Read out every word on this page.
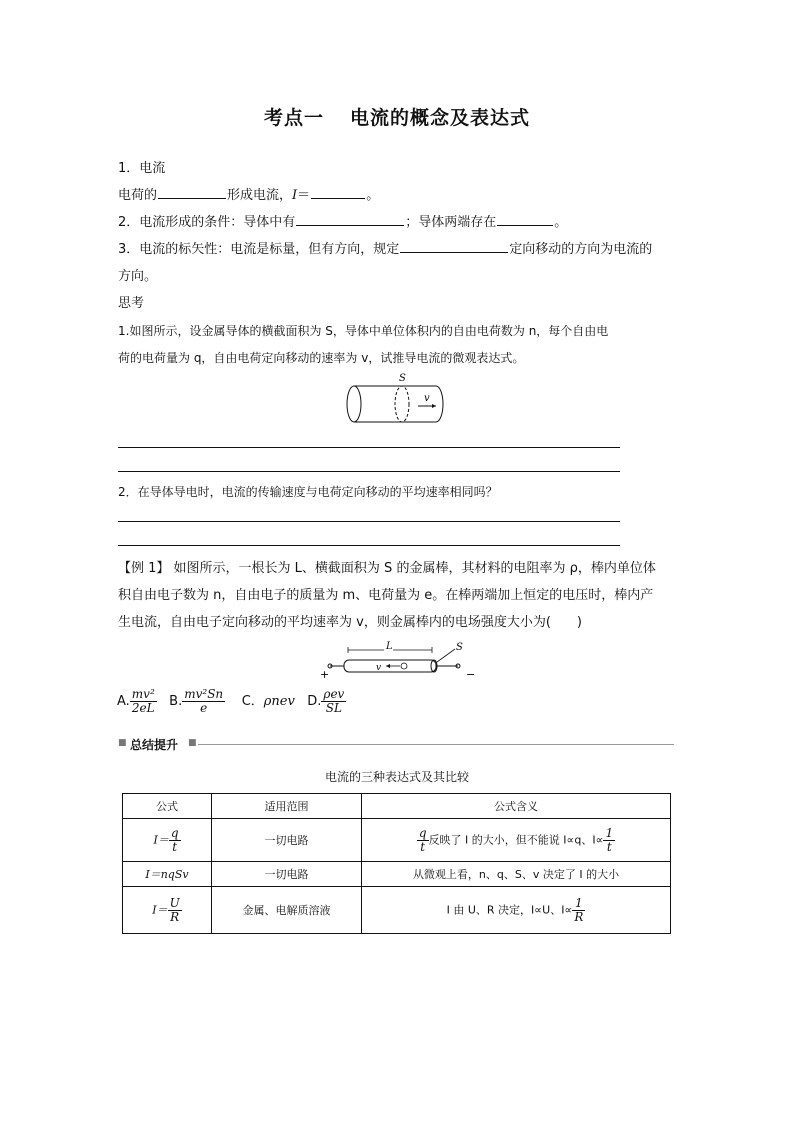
考点一 电流的概念及表达式
1．电流
电荷的	形成电流，I＝	。
2．电流形成的条件：导体中有	；导体两端存在	。
3．电流的标矢性：电流是标量，但有方向，规定	定向移动的方向为电流的
方向。
思考
1.如图所示，设金属导体的横截面积为 S，导体中单位体积内的自由电荷数为 n，每个自由电
荷的电荷量为 q，自由电荷定向移动的速率为 v，试推导电流的微观表达式。
S
v
2．在导体导电时，电流的传输速度与电荷定向移动的平均速率相同吗？
【例 1】 如图所示，一根长为 L、横截面积为 S 的金属棒，其材料的电阻率为 ρ，棒内单位体
积自由电子数为 n，自由电子的质量为 m、电荷量为 e。在棒两端加上恒定的电压时，棒内产
生电流，自由电子定向移动的平均速率为 v，则金属棒内的电场强度大小为(　　)
+	−
L	S
v
A. $\frac{\text{mv²}}{2eL} B$. $\frac{\text{mv²Sn}}{e}$ C．ρnev D. $\frac{\text{ρev}}{SL}$
■ 总结提升 ■
电流的三种表达式及其比较
公式	适用范围	公式含义
$I= \frac{q}{t}$	一切电路	$\frac{q}{t}$ 反映了 I 的大小，但不能说 I∝q、$I\propto \frac{1}{t}$

I＝nqSv	一切电路	从微观上看，n、q、S、v 决定了 I 的大小
$I= \frac{U}{R}$	金属、电解质溶液	I 由 U、R 决定，I∝U、$I\propto \frac{1}{R}$
